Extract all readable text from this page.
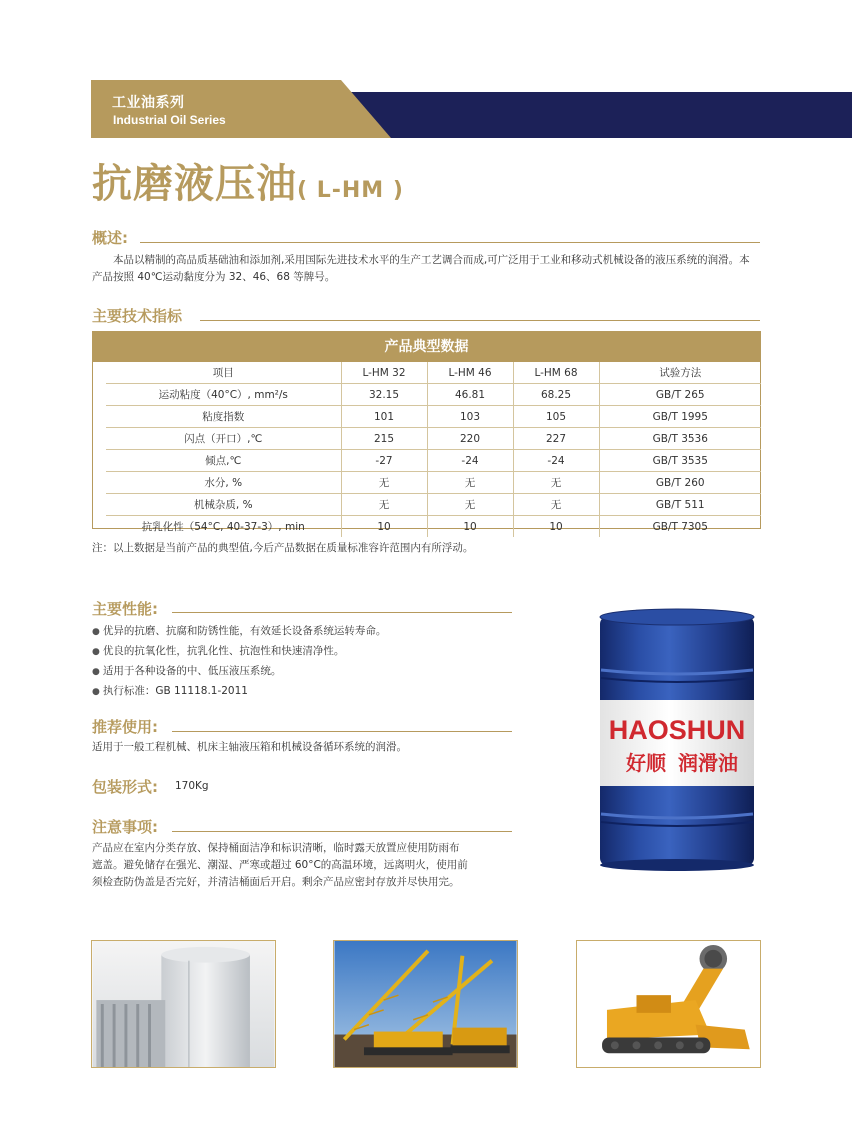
工业油系列
Industrial Oil Series
抗磨液压油( L-HM )
概述:
本品以精制的高品质基础油和添加剂,采用国际先进技术水平的生产工艺调合而成,可广泛用于工业和移动式机械设备的液压系统的润滑。本产品按照 40℃运动黏度分为 32、46、68 等牌号。
主要技术指标
产品典型数据
项目	L-HM 32	L-HM 46	L-HM 68	试验方法
运动粘度（40°C）, mm²/s	32.15	46.81	68.25	GB/T 265
粘度指数	101	103	105	GB/T 1995
闪点（开口）,℃	215	220	227	GB/T 3536
倾点,℃	-27	-24	-24	GB/T 3535
水分, %	无	无	无	GB/T 260
机械杂质, %	无	无	无	GB/T 511
抗乳化性（54°C, 40-37-3）, min	10	10	10	GB/T 7305
注：以上数据是当前产品的典型值,今后产品数据在质量标准容许范围内有所浮动。
主要性能:
● 优异的抗磨、抗腐和防锈性能，有效延长设备系统运转寿命。
● 优良的抗氧化性，抗乳化性、抗泡性和快速清净性。
● 适用于各种设备的中、低压液压系统。
● 执行标准：GB 11118.1-2011
推荐使用:
适用于一般工程机械、机床主轴液压箱和机械设备循环系统的润滑。
包装形式: 170Kg
注意事项:
产品应在室内分类存放、保持桶面洁净和标识清晰，临时露天放置应使用防雨布
遮盖。避免储存在强光、潮湿、严寒或超过 60°C的高温环境，远离明火，使用前
须检查防伪盖是否完好，并清洁桶面后开启。剩余产品应密封存放并尽快用完。
HAOSHUN
好顺 润滑油
